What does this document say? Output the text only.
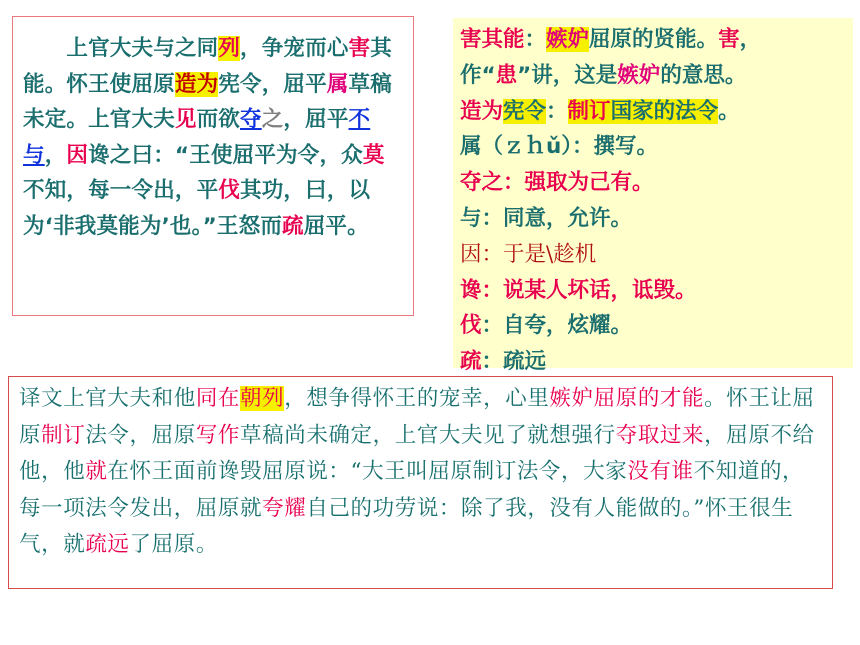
　　上官大夫与之同列，争宠而心害其能。怀王使屈原造为宪令，屈平属草稿未定。上官大夫见而欲夺之，屈平不与，因谗之曰：“王使屈平为令，众莫不知，每一令出，平伐其功，曰，以为‘非我莫能为’也。”王怒而疏屈平。
害其能：嫉妒屈原的贤能。害，
作“患”讲，这是嫉妒的意思。
造为宪令：制订国家的法令。
属（ｚｈǔ）：撰写。
夺之：强取为己有。
与：同意，允许。
因：于是\趁机
谗：说某人坏话，诋毁。
伐：自夸，炫耀。
疏：疏远
译文上官大夫和他同在朝列，想争得怀王的宠幸，心里嫉妒屈原的才能。怀王让屈原制订法令，屈原写作草稿尚未确定，上官大夫见了就想强行夺取过来，屈原不给他，他就在怀王面前谗毁屈原说：“大王叫屈原制订法令，大家没有谁不知道的，每一项法令发出，屈原就夸耀自己的功劳说：除了我，没有人能做的。”怀王很生气，就疏远了屈原。
